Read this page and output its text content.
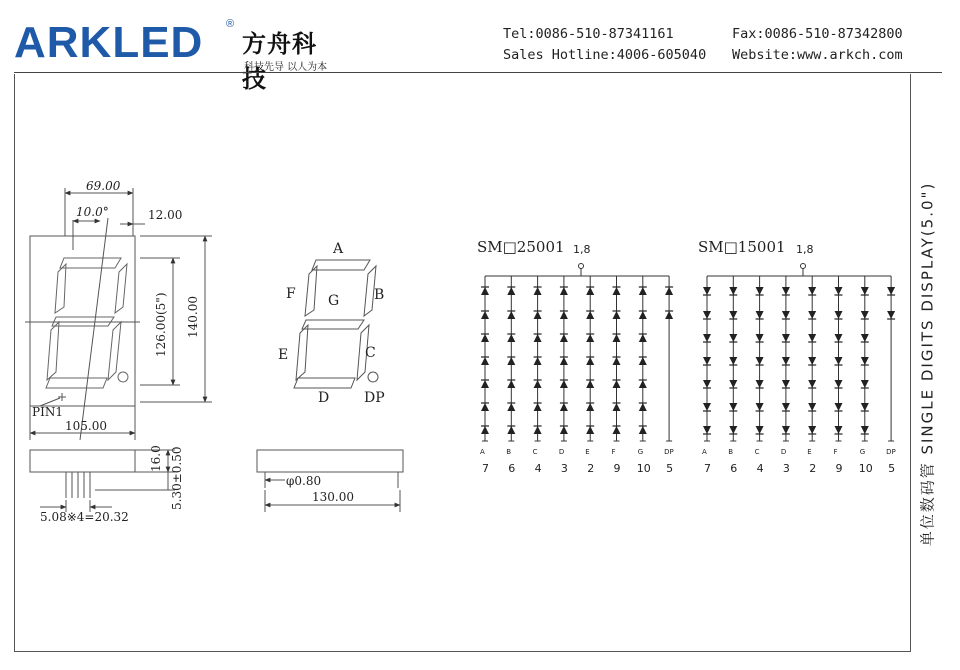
ARKLED ®
方舟科技
科技先导 以人为本
Tel:0086-510-87341161	Fax:0086-510-87342800
Sales Hotline:4006-605040 Website:www.arkch.com
单位数码管 SINGLE DIGITS DISPLAY(5.0")
69.00
10.0°	12.00
126.00(5") 140.00
105.00
PIN1
16.0 5.30±0.50
5.08※4=20.32
A
B
C
D
E
F G
DP
φ0.80
130.00
SM□25001 1,8
A
7
B
6
C
4
D
3
E
2
F
9
G
10
DP
5
SM□15001 1,8
A
7
B
6
C
4
D
3
E
2
F
9
G
10
DP
5
